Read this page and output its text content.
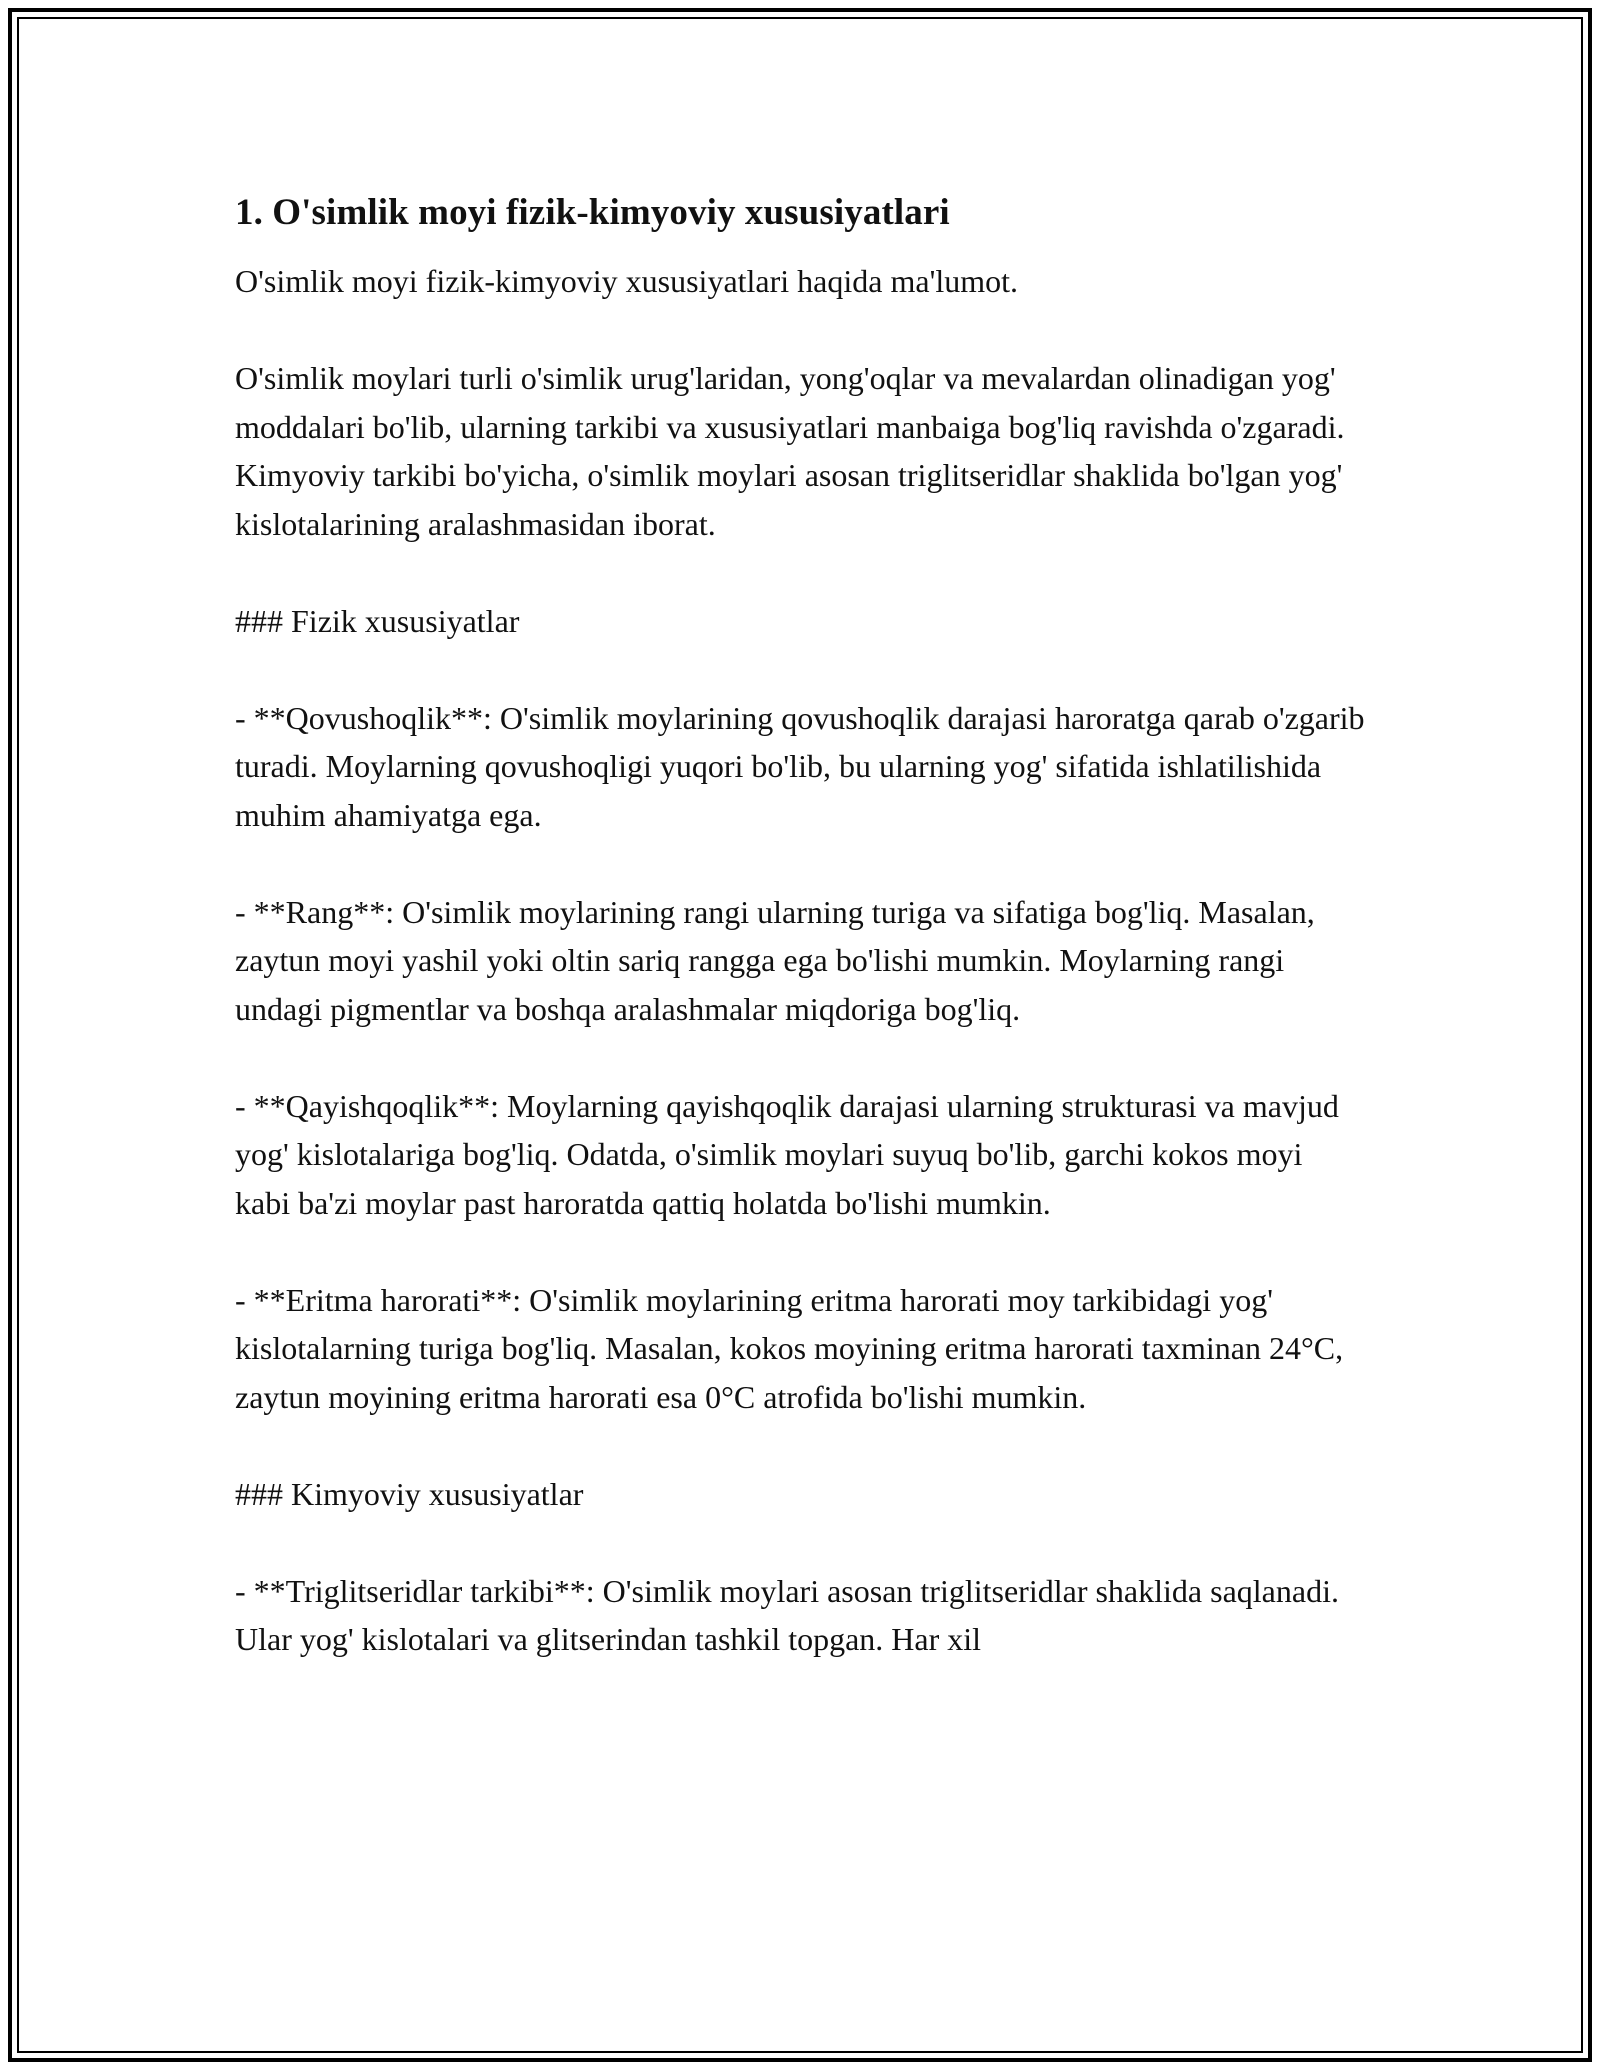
1. O'simlik moyi fizik-kimyoviy xususiyatlari

O'simlik moyi fizik-kimyoviy xususiyatlari haqida ma'lumot.

O'simlik moylari turli o'simlik urug'laridan, yong'oqlar va mevalardan olinadigan yog' moddalari bo'lib, ularning tarkibi va xususiyatlari manbaiga bog'liq ravishda o'zgaradi. Kimyoviy tarkibi bo'yicha, o'simlik moylari asosan triglitseridlar shaklida bo'lgan yog' kislotalarining aralashmasidan iborat.

### Fizik xususiyatlar

- **Qovushoqlik**: O'simlik moylarining qovushoqlik darajasi haroratga qarab o'zgarib turadi. Moylarning qovushoqligi yuqori bo'lib, bu ularning yog' sifatida ishlatilishida muhim ahamiyatga ega.

- **Rang**: O'simlik moylarining rangi ularning turiga va sifatiga bog'liq. Masalan, zaytun moyi yashil yoki oltin sariq rangga ega bo'lishi mumkin. Moylarning rangi undagi pigmentlar va boshqa aralashmalar miqdoriga bog'liq.

- **Qayishqoqlik**: Moylarning qayishqoqlik darajasi ularning strukturasi va mavjud yog' kislotalariga bog'liq. Odatda, o'simlik moylari suyuq bo'lib, garchi kokos moyi kabi ba'zi moylar past haroratda qattiq holatda bo'lishi mumkin.

- **Eritma harorati**: O'simlik moylarining eritma harorati moy tarkibidagi yog' kislotalarning turiga bog'liq. Masalan, kokos moyining eritma harorati taxminan 24°C, zaytun moyining eritma harorati esa 0°C atrofida bo'lishi mumkin.

### Kimyoviy xususiyatlar

- **Triglitseridlar tarkibi**: O'simlik moylari asosan triglitseridlar shaklida saqlanadi. Ular yog' kislotalari va glitserindan tashkil topgan. Har xil
